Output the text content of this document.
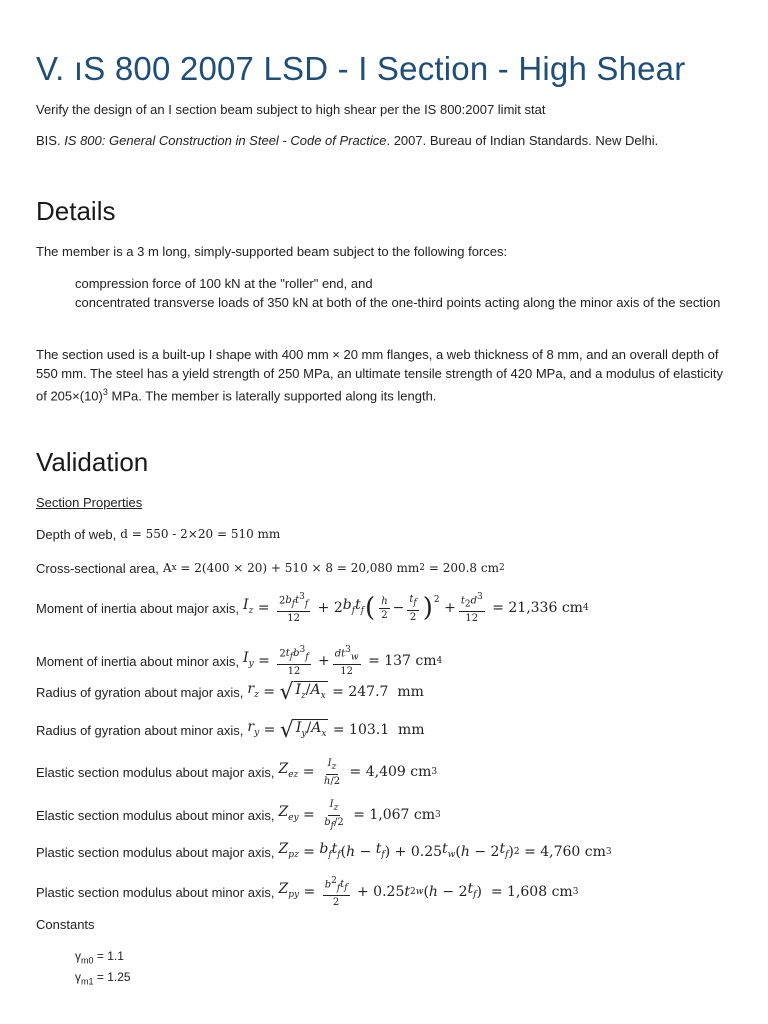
V. ıS 800 2007 LSD - I Section - High Shear
Verify the design of an I section beam subject to high shear per the IS 800:2007 limit stat
BIS. IS 800: General Construction in Steel - Code of Practice. 2007. Bureau of Indian Standards. New Delhi.
Details
The member is a 3 m long, simply-supported beam subject to the following forces:
compression force of 100 kN at the "roller" end, and
concentrated transverse loads of 350 kN at both of the one-third points acting along the minor axis of the section
The section used is a built-up I shape with 400 mm × 20 mm flanges, a web thickness of 8 mm, and an overall depth of 550 mm. The steel has a yield strength of 250 MPa, an ultimate tensile strength of 420 MPa, and a modulus of elasticity of $205\times(10)^3$ MPa. The member is laterally supported along its length.
Validation
Section Properties
Depth of web, d = 550 - 2×20 = 510 mm
Cross-sectional area, A x = 2(400 × 20) + 510 × 8 = 20,080 mm 2 = 200.8 cm 2
Moment of inertia about major axis, $I_z = \frac{2b_ft^3_f}{12} + 2$ $b_ft_f$ ( $\frac{h}{2} - \frac{t_f}{2} )^2 + \frac{t_2d^3}{12}$
= 21,336 cm 4
Moment of inertia about minor axis, $I_y = \frac{2t_fb^3_f}{12} + \frac{dt^3_w}{12}$
= 137 cm 4
Radius of gyration about major axis, $r_z$ = √ $I_z/A_x$
= 247.7  mm
Radius of gyration about minor axis, $r_y$ = √ $I_y/A_x$
= 103.1  mm
Elastic section modulus about major axis, $Z_{ez} = \frac{I_z}{h/2}$
= 4,409 cm 3
Elastic section modulus about minor axis, $Z_{ey} = \frac{I_z}{b_f/2}$
= 1,067 cm 3
Plastic section modulus about major axis, $Z_{pz} = b_ft_f$ ( $h - t_f$ ) + 0.25 $t_w$ ( h − 2 $t_f$ ) 2
= 4,760 cm 3
Plastic section modulus about minor axis, $Z_{py} = \frac{b^2_ft_f}{2} + 0.25$ t 2 w ( h − 2 $t_f$ ) = 1,608 cm 3
Constants
$\gamma_{m0} = 1.1$
$\gamma_{m1} = 1.25$
